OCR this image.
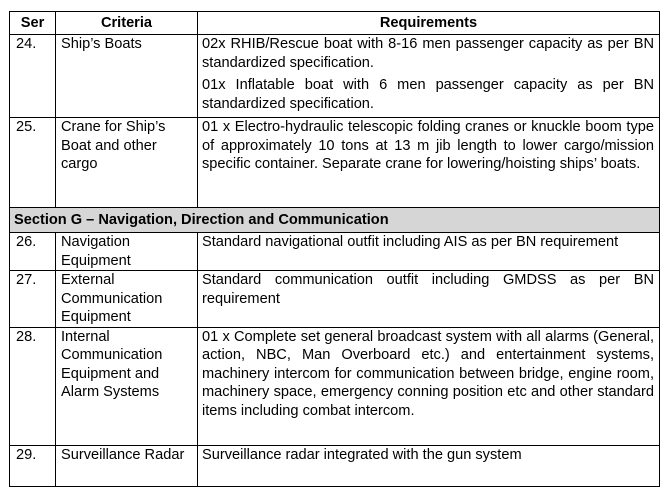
Ser	Criteria	Requirements
24.	Ship’s Boats	02x RHIB/Rescue boat with 8-16 men passenger capacity as per BN standardized specification.

01x Inflatable boat with 6 men passenger capacity as per BN standardized specification.

25.	Crane for Ship’s Boat and other cargo	01 x Electro-hydraulic telescopic folding cranes or knuckle boom type of approximately 10 tons at 13 m jib length to lower cargo/mission specific container. Separate crane for lowering/hoisting ships’ boats.

Section G – Navigation, Direction and Communication		
26.	Navigation Equipment	Standard navigational outfit including AIS as per BN requirement

27.	External Communication Equipment	Standard communication outfit including GMDSS as per BN requirement

28.	Internal Communication Equipment and Alarm Systems	01 x Complete set general broadcast system with all alarms (General, action, NBC, Man Overboard etc.) and entertainment systems, machinery intercom for communication between bridge, engine room, machinery space, emergency conning position etc and other standard items including combat intercom.

29.	Surveillance Radar	Surveillance radar integrated with the gun system
